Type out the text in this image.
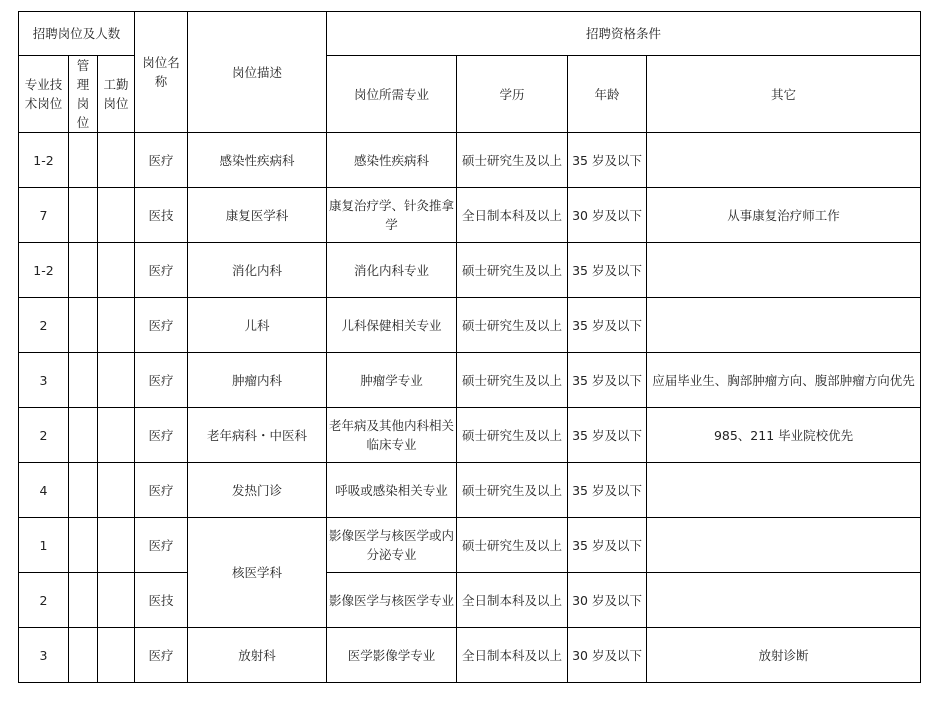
招聘岗位及人数			岗位名称	岗位描述	招聘资格条件			
专业技术岗位	管理岗位	工勤岗位			岗位所需专业	学历	年龄	其它
1-2			医疗	感染性疾病科	感染性疾病科	硕士研究生及以上	35 岁及以下	
7			医技	康复医学科	康复治疗学、针灸推拿学	全日制本科及以上	30 岁及以下	从事康复治疗师工作
1-2			医疗	消化内科	消化内科专业	硕士研究生及以上	35 岁及以下	
2			医疗	儿科	儿科保健相关专业	硕士研究生及以上	35 岁及以下	
3			医疗	肿瘤内科	肿瘤学专业	硕士研究生及以上	35 岁及以下	应届毕业生、胸部肿瘤方向、腹部肿瘤方向优先
2			医疗	老年病科・中医科	老年病及其他内科相关临床专业	硕士研究生及以上	35 岁及以下	985、211 毕业院校优先
4			医疗	发热门诊	呼吸或感染相关专业	硕士研究生及以上	35 岁及以下	
1			医疗	核医学科	影像医学与核医学或内分泌专业	硕士研究生及以上	35 岁及以下	
2			医技		影像医学与核医学专业	全日制本科及以上	30 岁及以下	
3			医疗	放射科	医学影像学专业	全日制本科及以上	30 岁及以下	放射诊断
